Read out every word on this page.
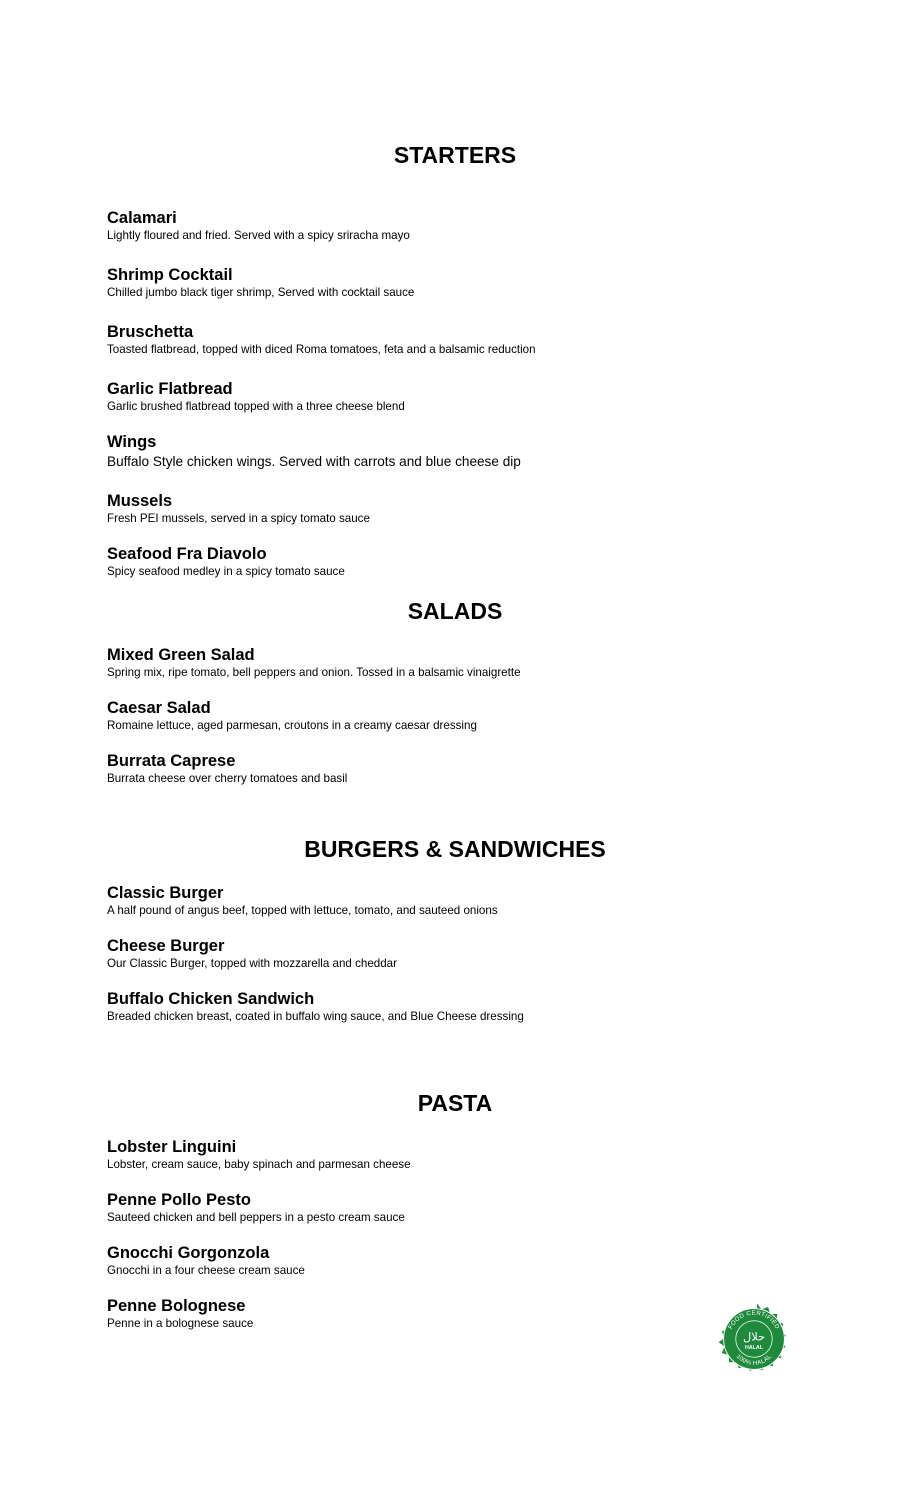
STARTERS

Calamari

Lightly floured and fried. Served with a spicy sriracha mayo

Shrimp Cocktail

Chilled jumbo black tiger shrimp, Served with cocktail sauce

Bruschetta

Toasted flatbread, topped with diced Roma tomatoes, feta and a balsamic reduction

Garlic Flatbread

Garlic brushed flatbread topped with a three cheese blend

Wings

Buffalo Style chicken wings. Served with carrots and blue cheese dip

Mussels

Fresh PEI mussels, served in a spicy tomato sauce

Seafood Fra Diavolo

Spicy seafood medley in a spicy tomato sauce

SALADS

Mixed Green Salad

Spring mix, ripe tomato, bell peppers and onion. Tossed in a balsamic vinaigrette

Caesar Salad

Romaine lettuce, aged parmesan, croutons in a creamy caesar dressing

Burrata Caprese

Burrata cheese over cherry tomatoes and basil

BURGERS & SANDWICHES

Classic Burger

A half pound of angus beef, topped with lettuce, tomato, and sauteed onions

Cheese Burger

Our Classic Burger, topped with mozzarella and cheddar

Buffalo Chicken Sandwich

Breaded chicken breast, coated in buffalo wing sauce, and Blue Cheese dressing

PASTA

Lobster Linguini

Lobster, cream sauce, baby spinach and parmesan cheese

Penne Pollo Pesto

Sauteed chicken and bell peppers in a pesto cream sauce

Gnocchi Gorgonzola

Gnocchi in a four cheese cream sauce

Penne Bolognese

Penne in a bolognese sauce	FOOD CERTIFIED
100% HALAL
حلال
HALAL
